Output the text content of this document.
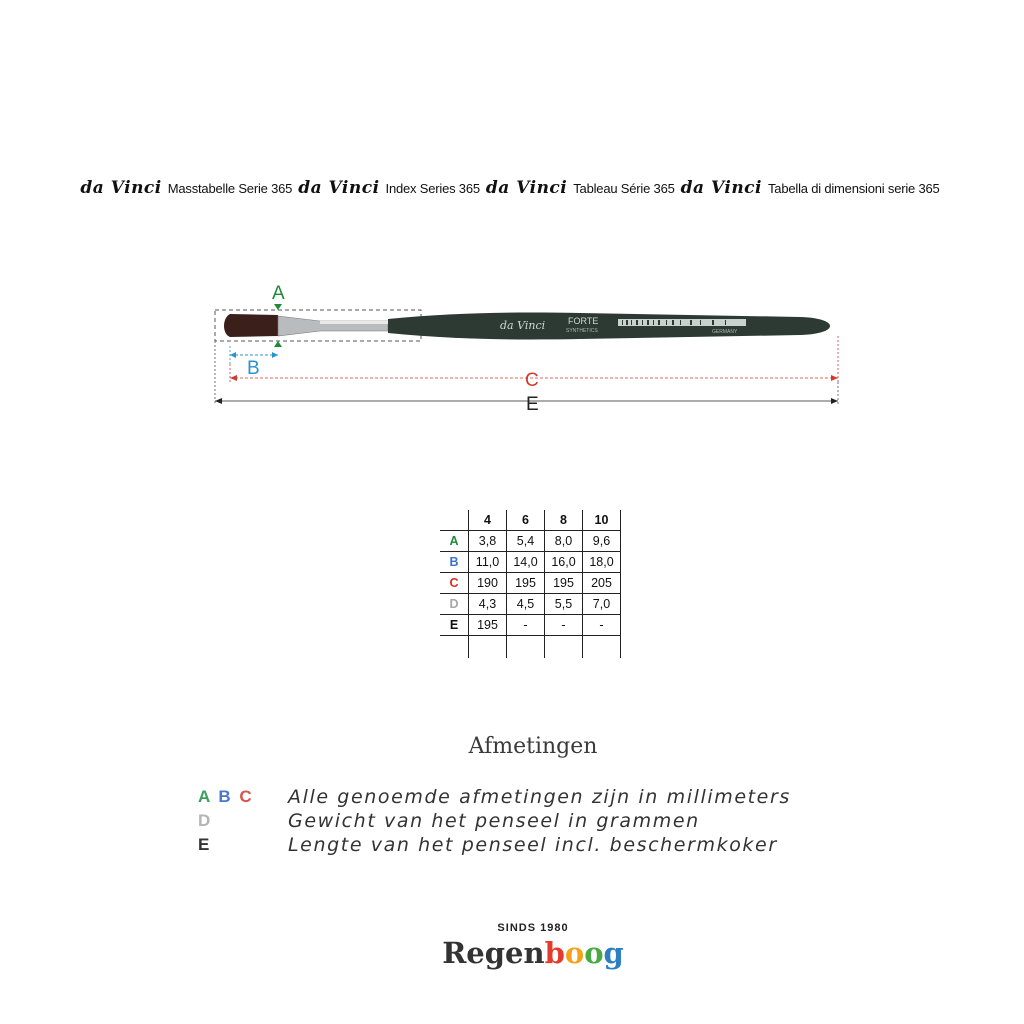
da Vinci Masstabelle Serie 365 da Vinci Index Series 365 da Vinci Tableau Série 365 da Vinci Tabella di dimensioni serie 365
da Vinci	FORTE
SYNTHETICS	GERMANY
A
B
C
E
	4	6	8	10
A	3,8	5,4	8,0	9,6
B	11,0	14,0	16,0	18,0
C	190	195	195	205
D	4,3	4,5	5,5	7,0
E	195	-	-	-

Afmetingen
A B C	Alle genoemde afmetingen zijn in millimeters
D	Gewicht van het penseel in grammen
E	Lengte van het penseel incl. beschermkoker
SINDS 1980
Regenboog
